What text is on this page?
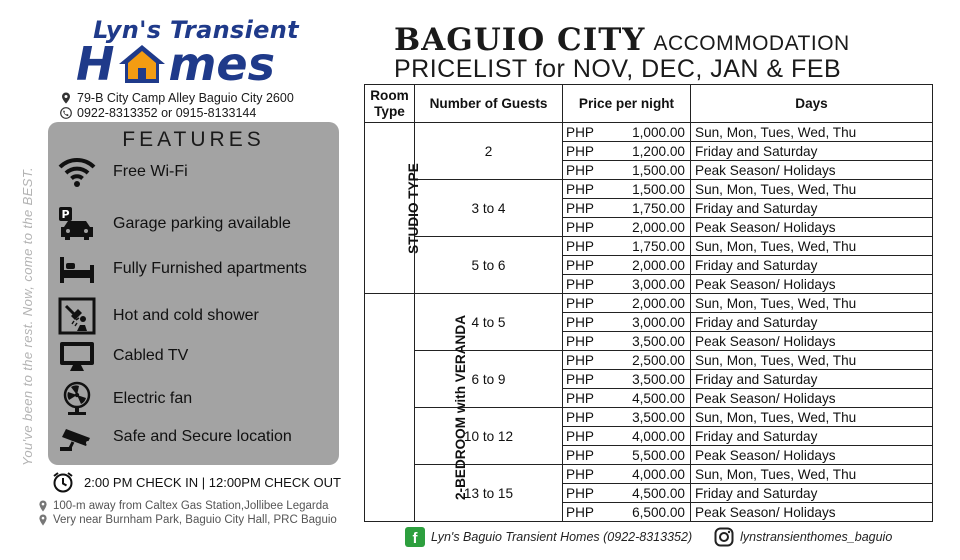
Lyn's Transient
H mes
79-B City Camp Alley Baguio City 2600
0922-8313352 or 0915-8133144
FEATURES
Free Wi-Fi
P
Garage parking available
Fully Furnished apartments
Hot and cold shower
Cabled TV
Electric fan
Safe and Secure location
You've been to the rest. Now, come to the BEST.
2:00 PM CHECK IN | 12:00PM CHECK OUT
100-m away from Caltex Gas Station,Jollibee Legarda
Very near Burnham Park, Baguio City Hall, PRC Baguio
BAGUIO CITY ACCOMMODATION
PRICELIST for NOV, DEC, JAN & FEB
Room Type	Number of Guests	Price per night		Days
STUDIO TYPE	2	PHP	1,000.00	Sun, Mon, Tues, Wed, Thu
		PHP	1,200.00	Friday and Saturday
		PHP	1,500.00	Peak Season/ Holidays
	3 to 4	PHP	1,500.00	Sun, Mon, Tues, Wed, Thu
		PHP	1,750.00	Friday and Saturday
		PHP	2,000.00	Peak Season/ Holidays
	5 to 6	PHP	1,750.00	Sun, Mon, Tues, Wed, Thu
		PHP	2,000.00	Friday and Saturday
		PHP	3,000.00	Peak Season/ Holidays
2-BEDROOM with VERANDA	4 to 5	PHP	2,000.00	Sun, Mon, Tues, Wed, Thu
		PHP	3,000.00	Friday and Saturday
		PHP	3,500.00	Peak Season/ Holidays
	6 to 9	PHP	2,500.00	Sun, Mon, Tues, Wed, Thu
		PHP	3,500.00	Friday and Saturday
		PHP	4,500.00	Peak Season/ Holidays
	10 to 12	PHP	3,500.00	Sun, Mon, Tues, Wed, Thu
		PHP	4,000.00	Friday and Saturday
		PHP	5,500.00	Peak Season/ Holidays
	13 to 15	PHP	4,000.00	Sun, Mon, Tues, Wed, Thu
		PHP	4,500.00	Friday and Saturday
		PHP	6,500.00	Peak Season/ Holidays
f	Lyn's Baguio Transient Homes (0922-8313352)	lynstransienthomes_baguio
